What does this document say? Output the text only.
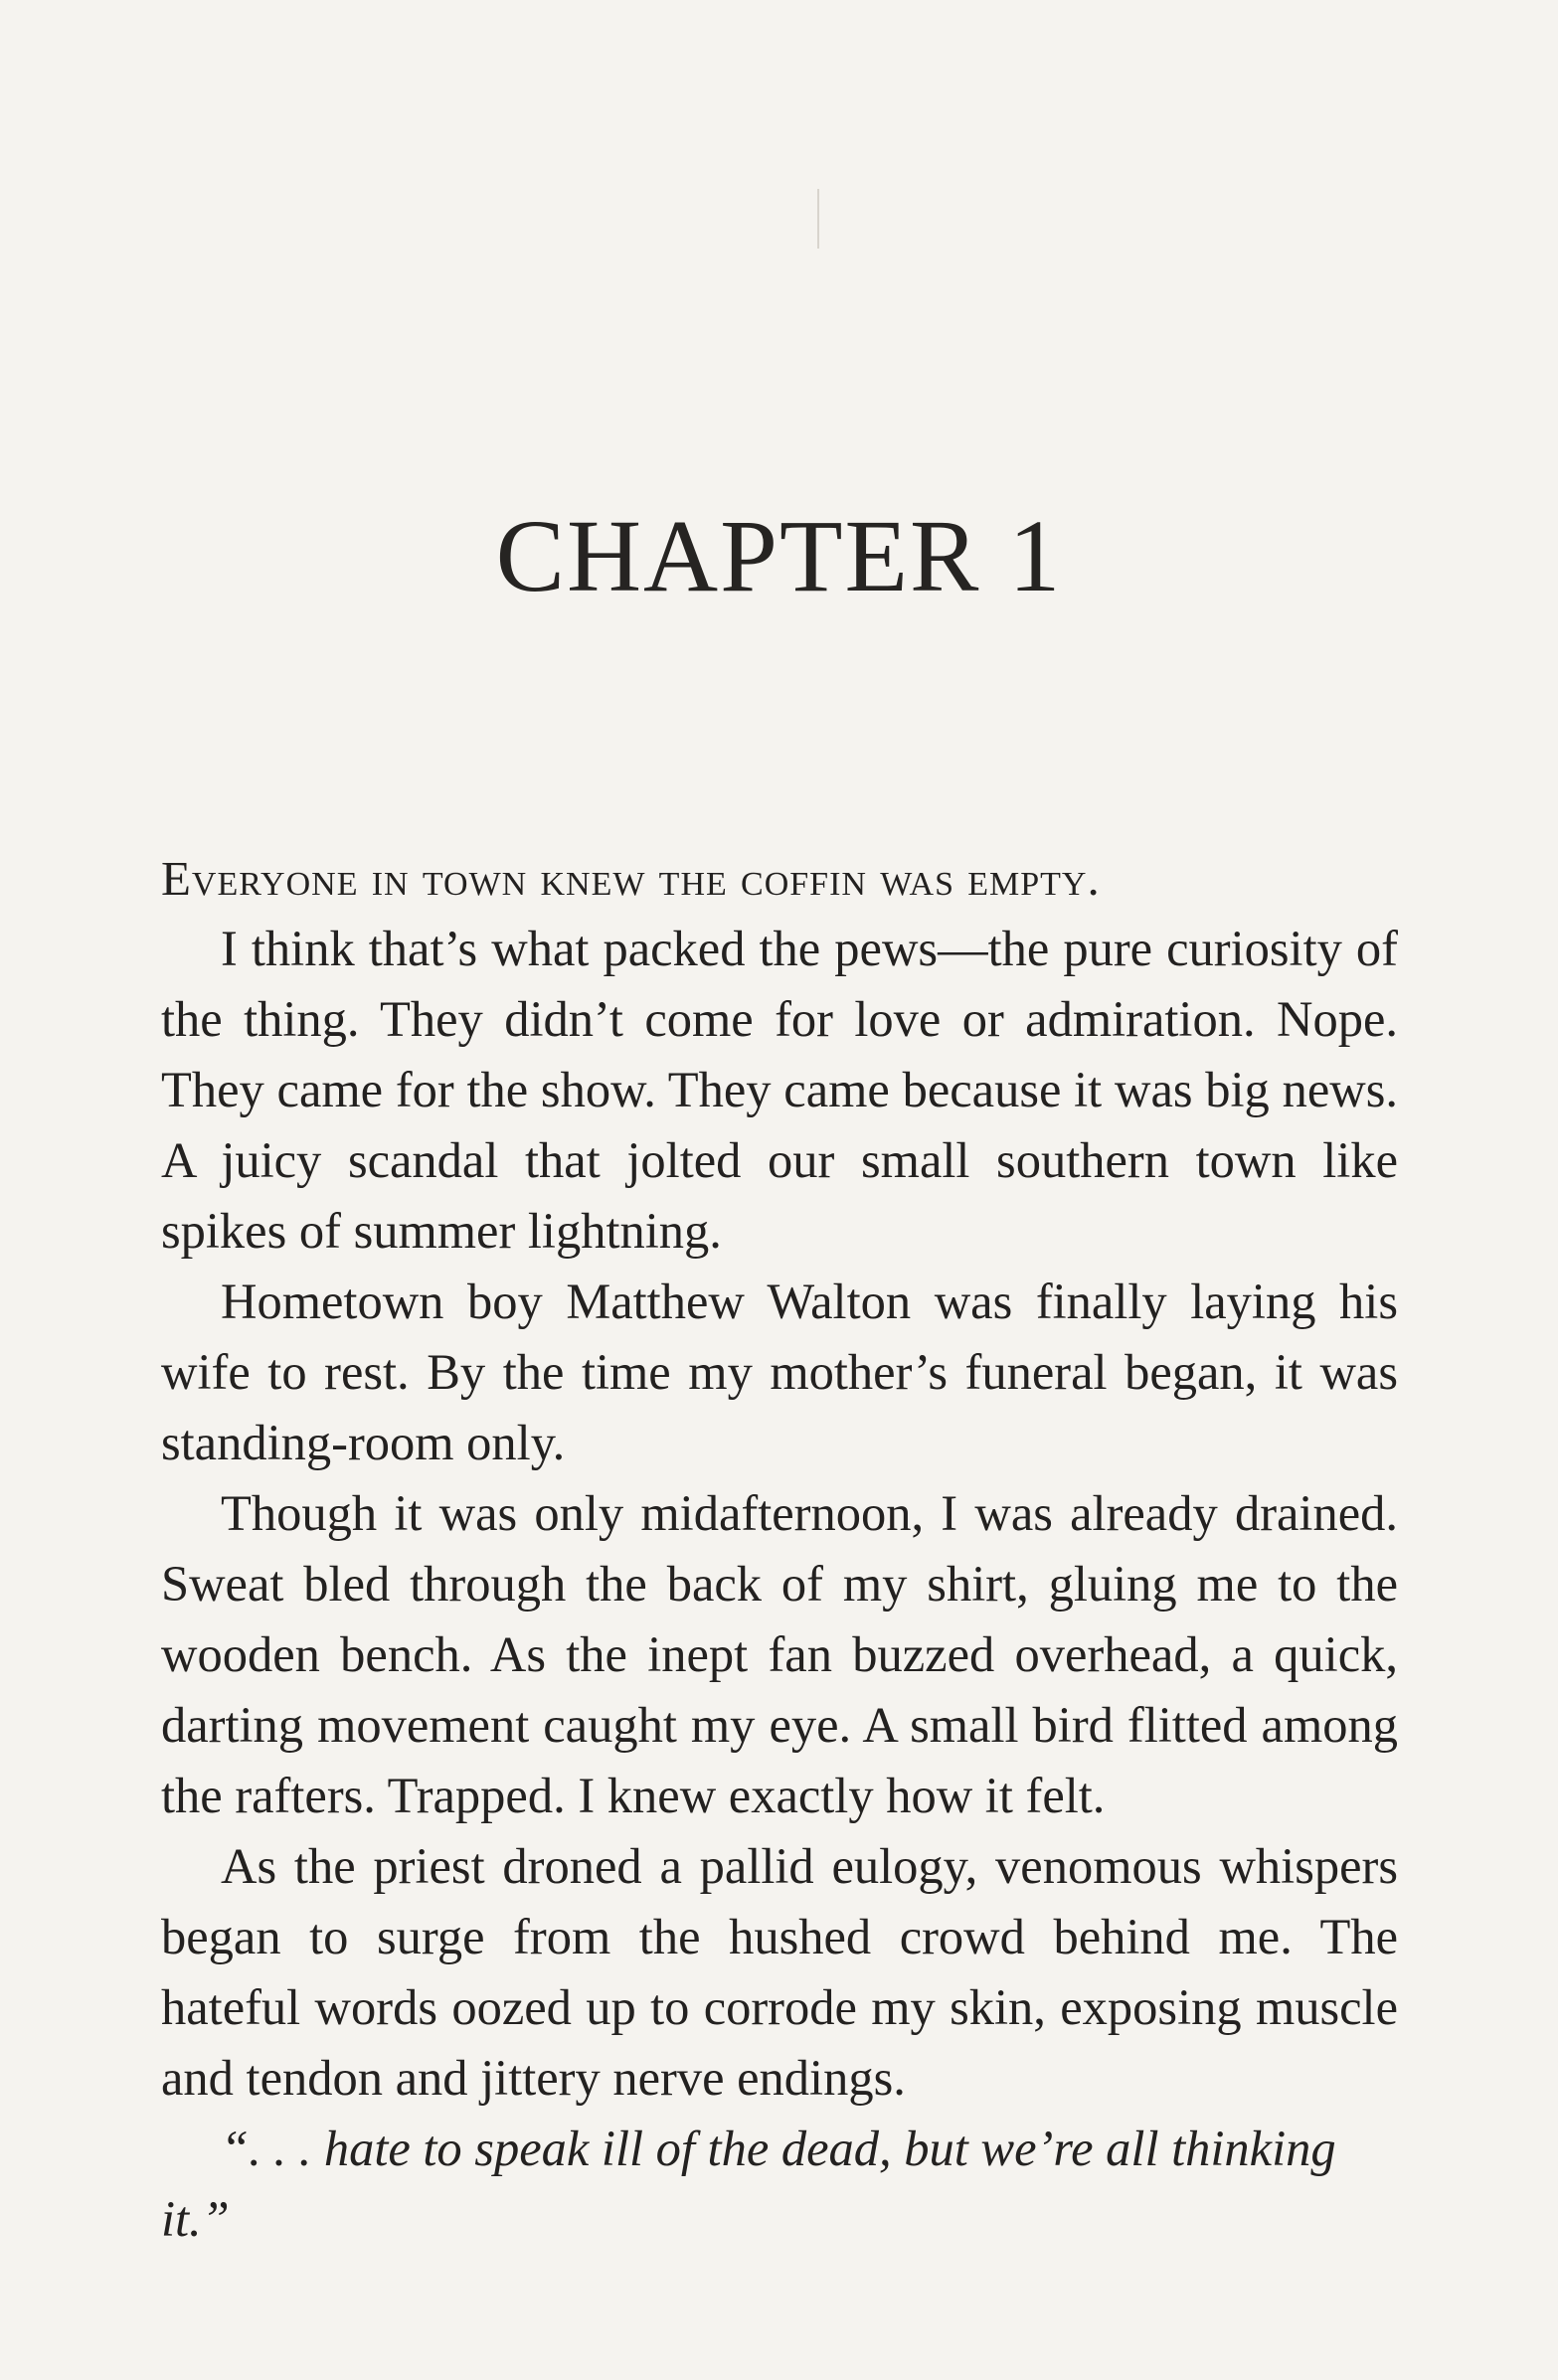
CHAPTER 1

Everyone in town knew the coffin was empty.

I think that’s what packed the pews—the pure curiosity of the thing. They didn’t come for love or admiration. Nope. They came for the show. They came because it was big news. A juicy scandal that jolted our small southern town like spikes of summer lightning.

Hometown boy Matthew Walton was finally laying his wife to rest. By the time my mother’s funeral began, it was standing-room only.

Though it was only midafternoon, I was already drained. Sweat bled through the back of my shirt, gluing me to the wooden bench. As the inept fan buzzed overhead, a quick, darting movement caught my eye. A small bird flitted among the rafters. Trapped. I knew exactly how it felt.

As the priest droned a pallid eulogy, venomous whispers began to surge from the hushed crowd behind me. The hateful words oozed up to corrode my skin, exposing muscle and tendon and jittery nerve endings.

“. . . hate to speak ill of the dead, but we’re all thinking it.”
